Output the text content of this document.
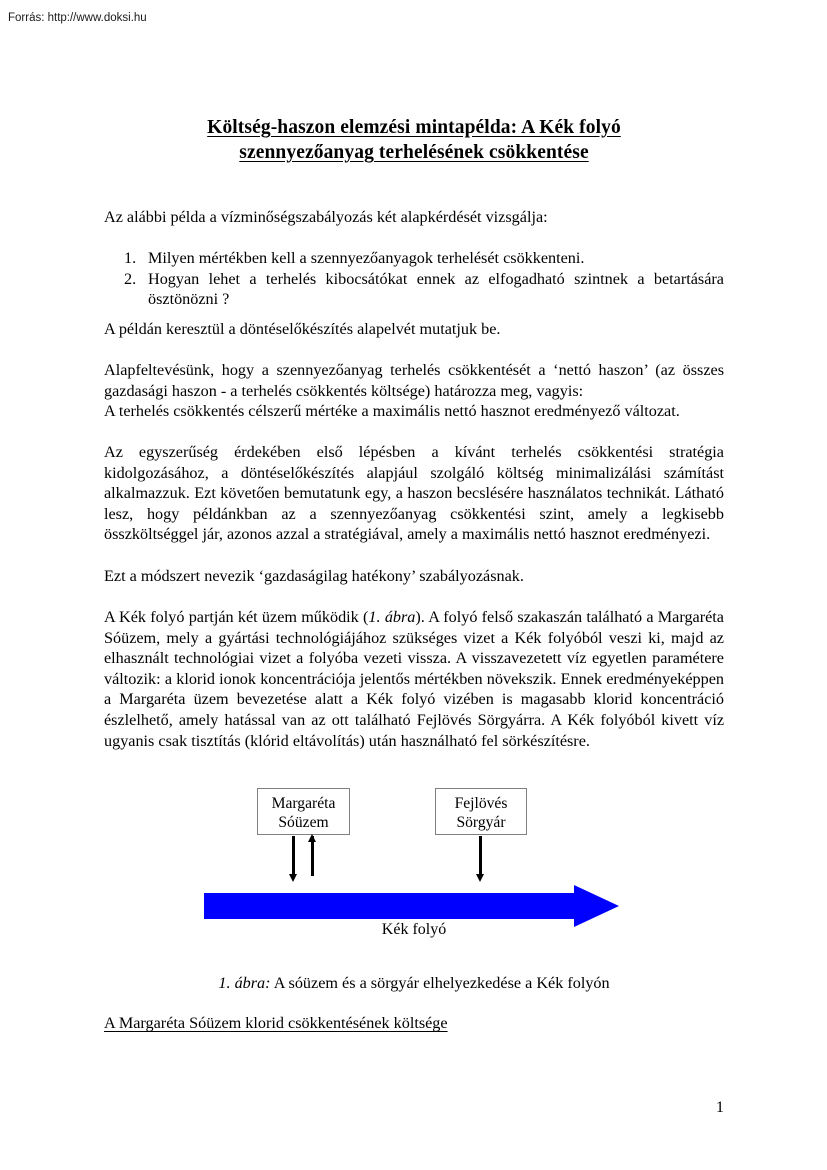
Forrás: http://www.doksi.hu
Költség-haszon elemzési mintapélda: A Kék folyó
szennyezőanyag terhelésének csökkentése

Az alábbi példa a vízminőségszabályozás két alapkérdését vizsgálja:

1. Milyen mértékben kell a szennyezőanyagok terhelését csökkenteni.
2. Hogyan lehet a terhelés kibocsátókat ennek az elfogadható szintnek a betartására ösztönözni ?

A példán keresztül a döntéselőkészítés alapelvét mutatjuk be.

Alapfeltevésünk, hogy a szennyezőanyag terhelés csökkentését a ‘nettó haszon’ (az összes gazdasági haszon - a terhelés csökkentés költsége) határozza meg, vagyis:

A terhelés csökkentés célszerű mértéke a maximális nettó hasznot eredményező változat.

Az egyszerűség érdekében első lépésben a kívánt terhelés csökkentési stratégia kidolgozásához, a döntéselőkészítés alapjául szolgáló költség minimalizálási számítást alkalmazzuk. Ezt követően bemutatunk egy, a haszon becslésére használatos technikát. Látható lesz, hogy példánkban az a szennyezőanyag csökkentési szint, amely a legkisebb összköltséggel jár, azonos azzal a stratégiával, amely a maximális nettó hasznot eredményezi.

Ezt a módszert nevezik ‘gazdaságilag hatékony’ szabályozásnak.

A Kék folyó partján két üzem működik (1. ábra). A folyó felső szakaszán található a Margaréta Sóüzem, mely a gyártási technológiájához szükséges vizet a Kék folyóból veszi ki, majd az elhasznált technológiai vizet a folyóba vezeti vissza. A visszavezetett víz egyetlen paramétere változik: a klorid ionok koncentrációja jelentős mértékben növekszik. Ennek eredményeképpen a Margaréta üzem bevezetése alatt a Kék folyó vizében is magasabb klorid koncentráció észlelhető, amely hatással van az ott található Fejlövés Sörgyárra. A Kék folyóból kivett víz ugyanis csak tisztítás (klórid eltávolítás) után használható fel sörkészítésre.

Margaréta
Sóüzem
Fejlövés
Sörgyár
Kék folyó
1. ábra: A sóüzem és a sörgyár elhelyezkedése a Kék folyón
A Margaréta Sóüzem klorid csökkentésének költsége
1
